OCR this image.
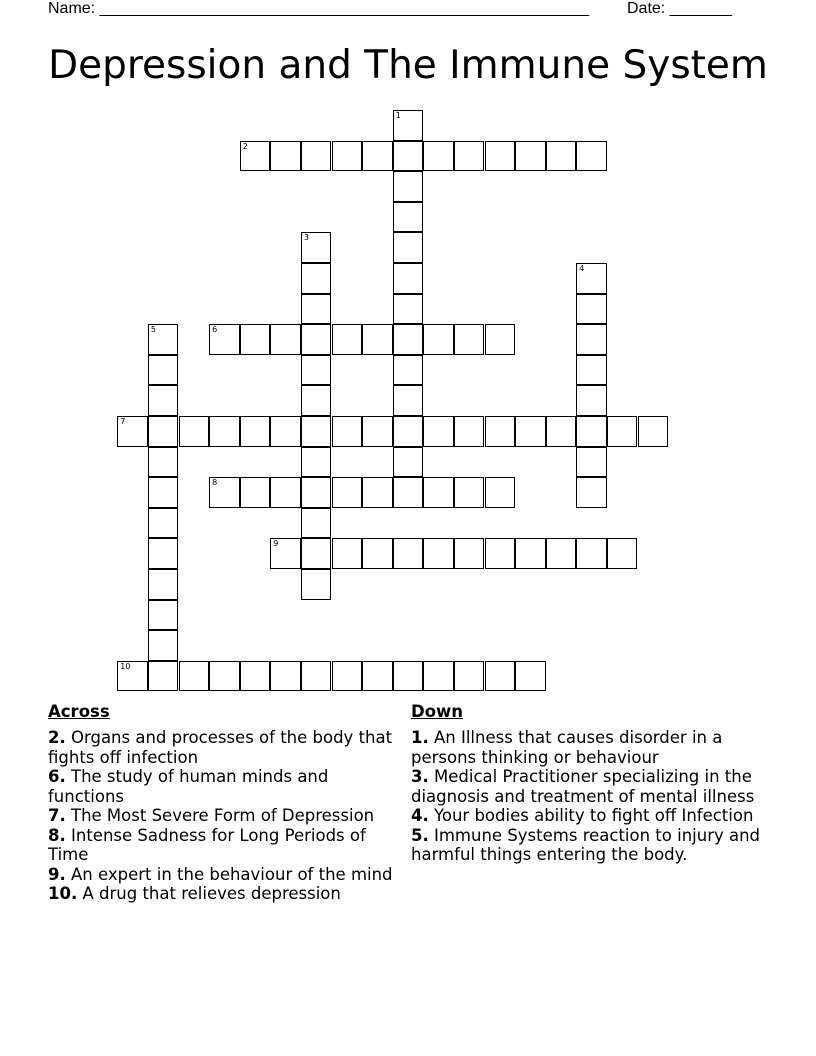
Name: _______________________________________________________ Date: _______
Depression and The Immune System
1
2
3
4
5	6
7
8
9
10
Across

2. Organs and processes of the body that fights off infection

6. The study of human minds and functions

7. The Most Severe Form of Depression

8. Intense Sadness for Long Periods of Time

9. An expert in the behaviour of the mind

10. A drug that relieves depression

Down

1. An Illness that causes disorder in a persons thinking or behaviour

3. Medical Practitioner specializing in the diagnosis and treatment of mental illness

4. Your bodies ability to fight off Infection

5. Immune Systems reaction to injury and harmful things entering the body.
